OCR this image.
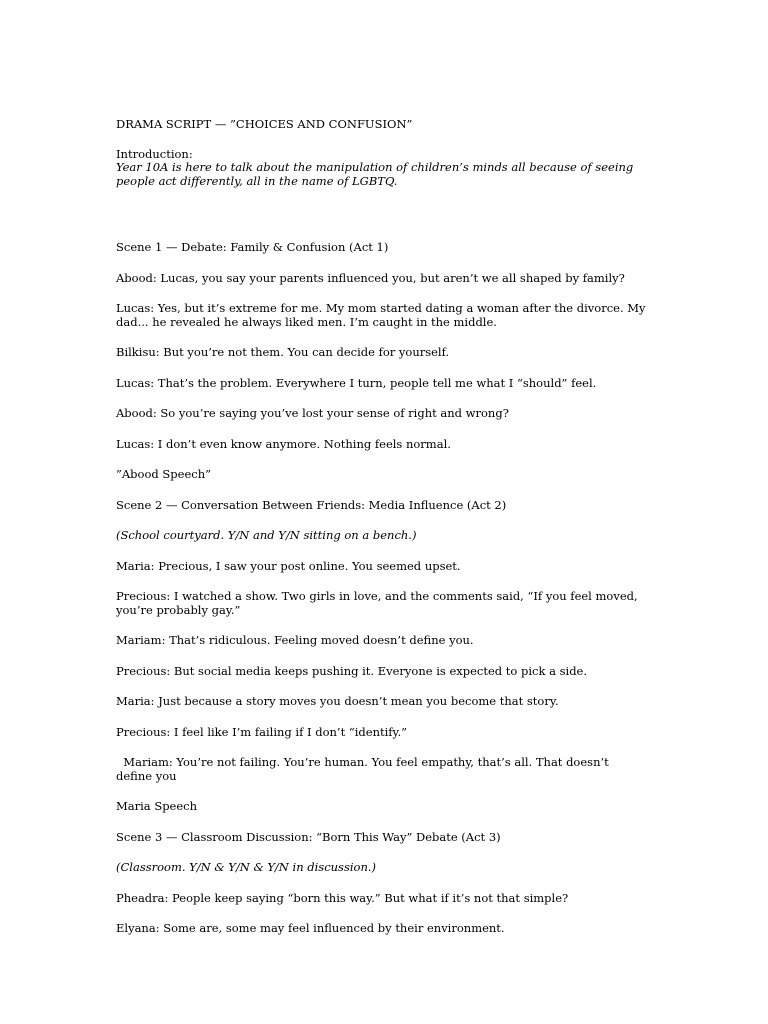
DRAMA SCRIPT — ”CHOICES AND CONFUSION”

Introduction:

Year 10A is here to talk about the manipulation of children’s minds all because of seeing

people act differently, all in the name of LGBTQ.

Scene 1 — Debate: Family & Confusion (Act 1)

Abood: Lucas, you say your parents influenced you, but aren’t we all shaped by family?

Lucas: Yes, but it’s extreme for me. My mom started dating a woman after the divorce. My

dad... he revealed he always liked men. I’m caught in the middle.

Bilkisu: But you’re not them. You can decide for yourself.

Lucas: That’s the problem. Everywhere I turn, people tell me what I “should” feel.

Abood: So you’re saying you’ve lost your sense of right and wrong?

Lucas: I don’t even know anymore. Nothing feels normal.

”Abood Speech”

Scene 2 — Conversation Between Friends: Media Influence (Act 2)

(School courtyard. Y/N and Y/N sitting on a bench.)

Maria: Precious, I saw your post online. You seemed upset.

Precious: I watched a show. Two girls in love, and the comments said, “If you feel moved,

you’re probably gay.”

Mariam: That’s ridiculous. Feeling moved doesn’t define you.

Precious: But social media keeps pushing it. Everyone is expected to pick a side.

Maria: Just because a story moves you doesn’t mean you become that story.

Precious: I feel like I’m failing if I don’t “identify.”

Mariam: You’re not failing. You’re human. You feel empathy, that’s all. That doesn’t

define you

Maria Speech

Scene 3 — Classroom Discussion: “Born This Way” Debate (Act 3)

(Classroom. Y/N & Y/N & Y/N in discussion.)

Pheadra: People keep saying “born this way.” But what if it’s not that simple?

Elyana: Some are, some may feel influenced by their environment.
